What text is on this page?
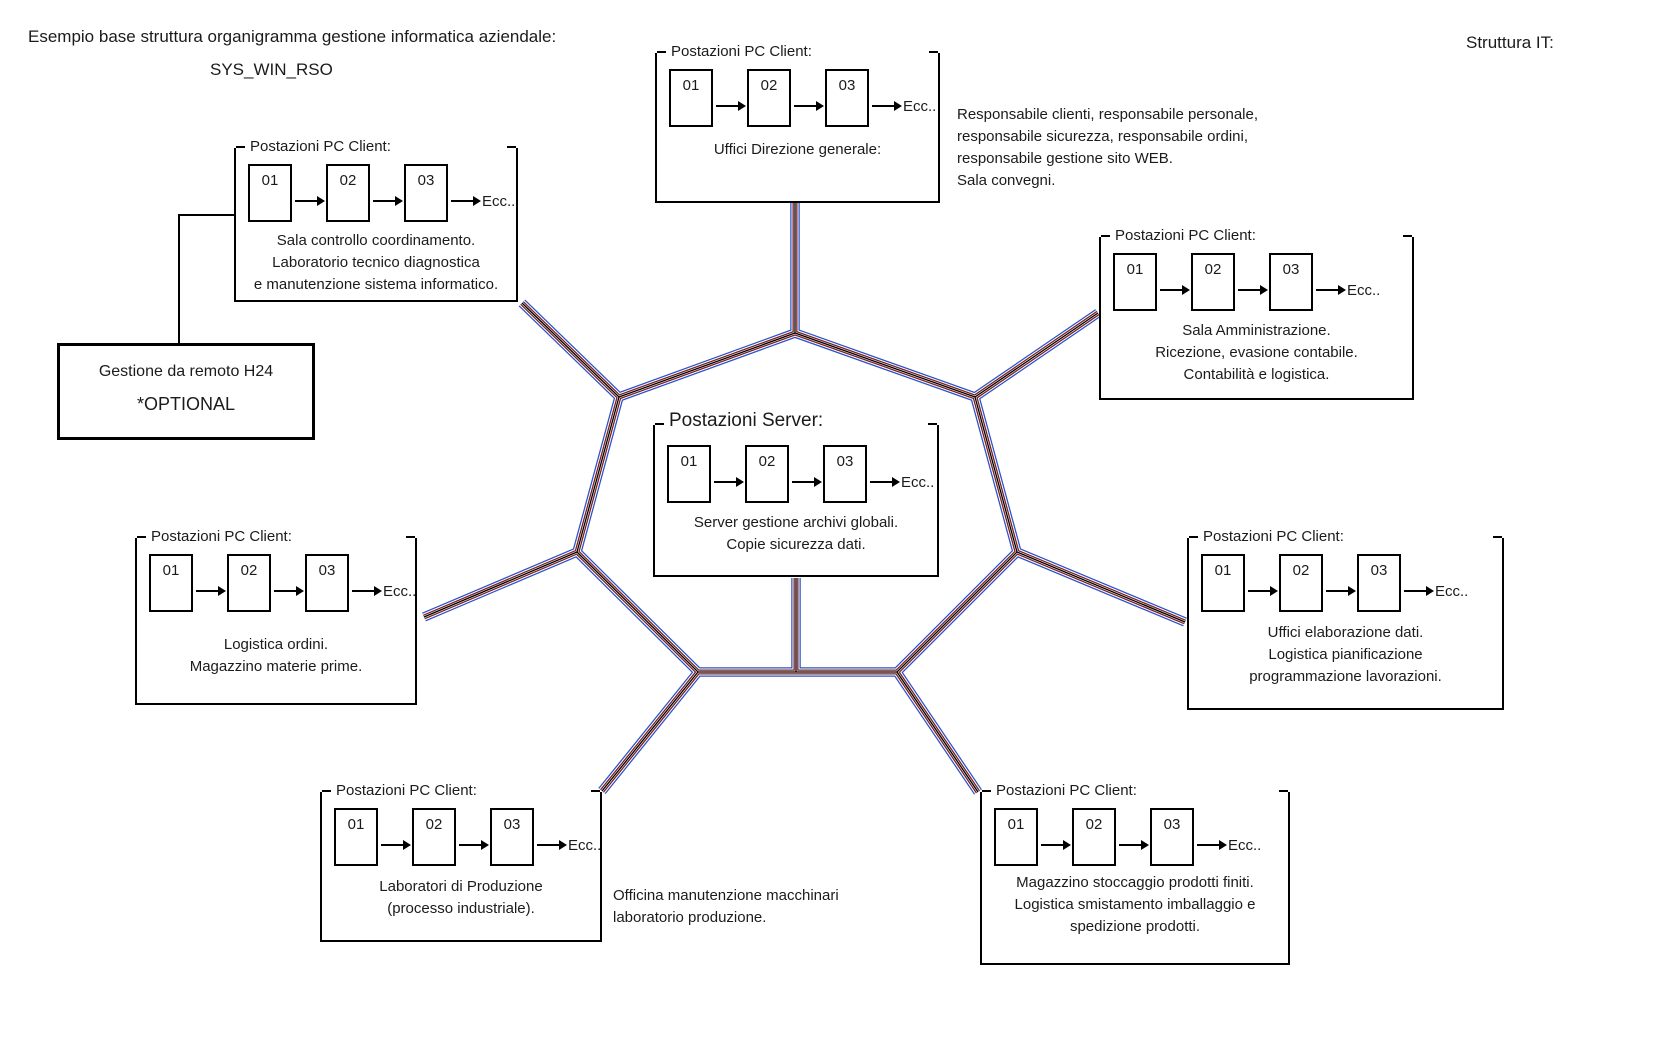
Esempio base struttura organigramma gestione informatica aziendale:
SYS_WIN_RSO
Struttura IT:
Postazioni PC Client:
01	02	03
Ecc..
Uffici Direzione generale:
Postazioni PC Client:
01	02	03
Ecc..
Sala controllo coordinamento.
Laboratorio tecnico diagnostica
e manutenzione sistema informatico.
Postazioni PC Client:
01	02	03
Ecc..
Sala Amministrazione.
Ricezione, evasione contabile.
Contabilità e logistica.
Postazioni PC Client:
01	02	03
Ecc..
Logistica ordini.
Magazzino materie prime.
Postazioni PC Client:
01	02	03
Ecc..
Uffici elaborazione dati.
Logistica pianificazione
programmazione lavorazioni.
Postazioni Server:
01	02	03
Ecc..
Server gestione archivi globali.
Copie sicurezza dati.
Postazioni PC Client:
01	02	03
Ecc..
Laboratori di Produzione
(processo industriale).
Postazioni PC Client:
01	02	03
Ecc..
Magazzino stoccaggio prodotti finiti.
Logistica smistamento imballaggio e
spedizione prodotti.
Gestione da remoto H24
*OPTIONAL
Responsabile clienti, responsabile personale,
responsabile sicurezza, responsabile ordini,
responsabile gestione sito WEB.
Sala convegni.
Officina manutenzione macchinari
laboratorio produzione.
